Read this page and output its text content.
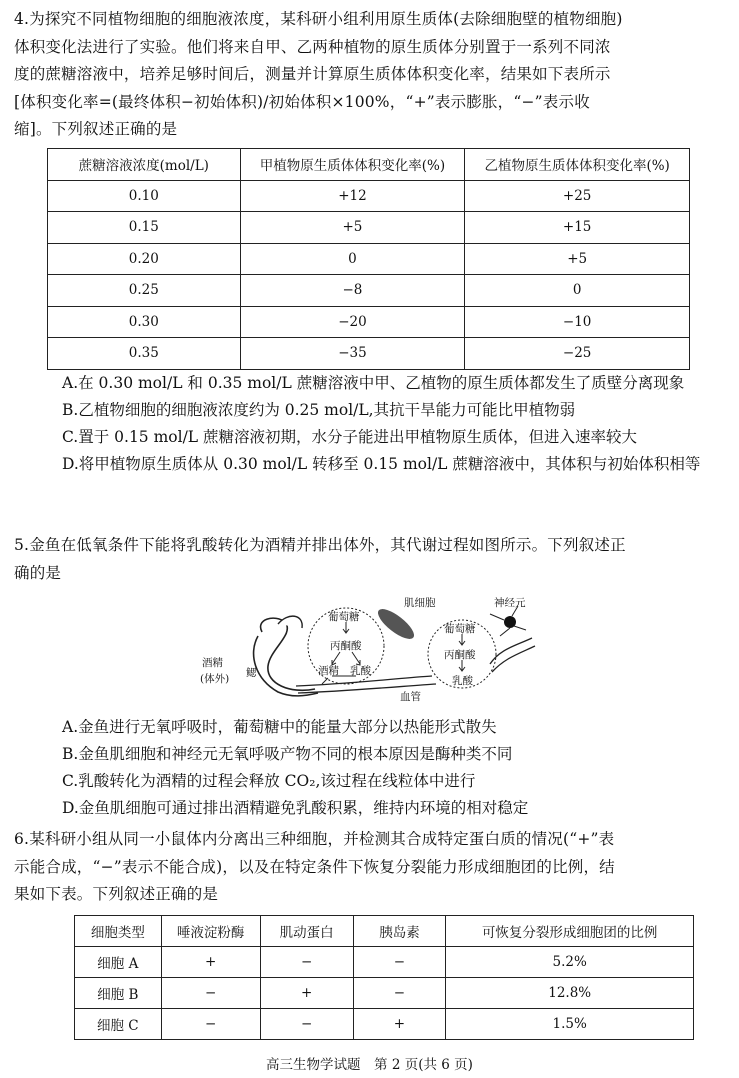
4.为探究不同植物细胞的细胞液浓度，某科研小组利用原生质体(去除细胞壁的植物细胞)

体积变化法进行了实验。他们将来自甲、乙两种植物的原生质体分别置于一系列不同浓

度的蔗糖溶液中，培养足够时间后，测量并计算原生质体体积变化率，结果如下表所示

[体积变化率=(最终体积−初始体积)/初始体积×100%，“+”表示膨胀，“−”表示收

缩]。下列叙述正确的是

蔗糖溶液浓度(mol/L)	甲植物原生质体体积变化率(%)	乙植物原生质体体积变化率(%)
0.10	+12	+25
0.15	+5	+15
0.20	0	+5
0.25	−8	0
0.30	−20	−10
0.35	−35	−25
A.在 0.30 mol/L 和 0.35 mol/L 蔗糖溶液中甲、乙植物的原生质体都发生了质壁分离现象
B.乙植物细胞的细胞液浓度约为 0.25 mol/L,其抗干旱能力可能比甲植物弱
C.置于 0.15 mol/L 蔗糖溶液初期，水分子能进出甲植物原生质体，但进入速率较大
D.将甲植物原生质体从 0.30 mol/L 转移至 0.15 mol/L 蔗糖溶液中，其体积与初始体积相等

5.金鱼在低氧条件下能将乳酸转化为酒精并排出体外，其代谢过程如图所示。下列叙述正

确的是

葡萄糖
丙酮酸
酒精 乳酸
肌细胞	神经元
葡萄糖
丙酮酸
乳酸
酒精
(体外) 鳃
血管
A.金鱼进行无氧呼吸时，葡萄糖中的能量大部分以热能形式散失
B.金鱼肌细胞和神经元无氧呼吸产物不同的根本原因是酶种类不同
C.乳酸转化为酒精的过程会释放 CO₂,该过程在线粒体中进行
D.金鱼肌细胞可通过排出酒精避免乳酸积累，维持内环境的相对稳定

6.某科研小组从同一小鼠体内分离出三种细胞，并检测其合成特定蛋白质的情况(“+”表

示能合成，“−”表示不能合成)，以及在特定条件下恢复分裂能力形成细胞团的比例，结

果如下表。下列叙述正确的是

细胞类型	唾液淀粉酶	肌动蛋白	胰岛素	可恢复分裂形成细胞团的比例
细胞 A	+	−	−	5.2%
细胞 B	−	+	−	12.8%
细胞 C	−	−	+	1.5%
高三生物学试题　第 2 页(共 6 页)
